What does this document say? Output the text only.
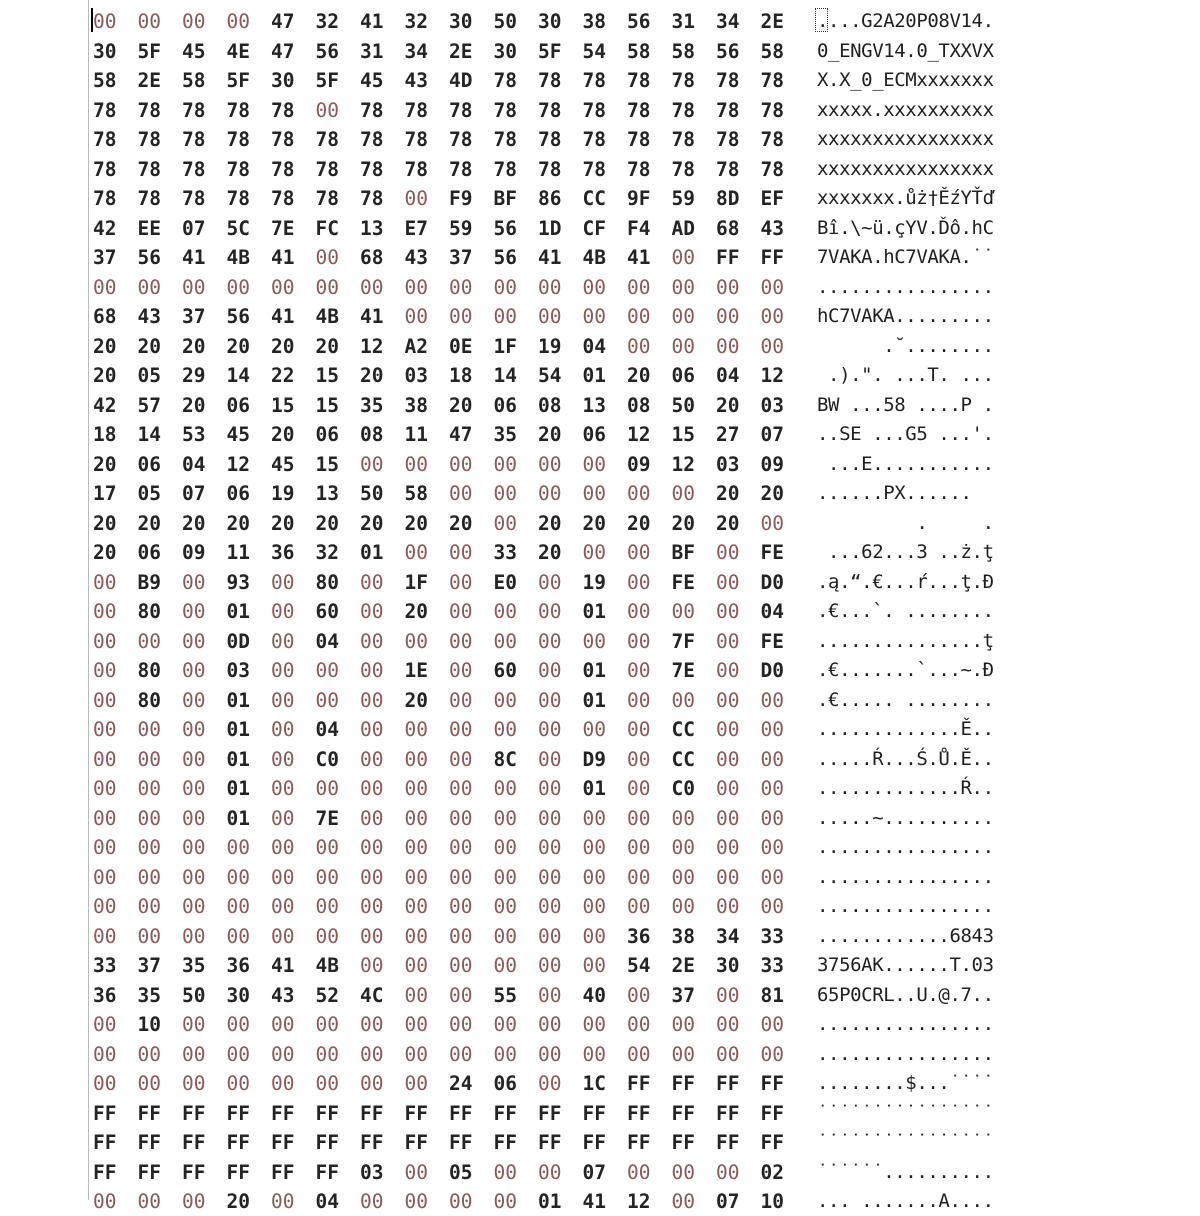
00	00	00	00	47	32	41	32	30	50	30	38	56	31	34	2E	....G2A20P08V14.
30	5F	45	4E	47	56	31	34	2E	30	5F	54	58	58	56	58	0_ENGV14.0_TXXVX
58	2E	58	5F	30	5F	45	43	4D	78	78	78	78	78	78	78	X.X_0_ECMxxxxxxx
78	78	78	78	78	00	78	78	78	78	78	78	78	78	78	78	xxxxx.xxxxxxxxxx
78	78	78	78	78	78	78	78	78	78	78	78	78	78	78	78	xxxxxxxxxxxxxxxx
78	78	78	78	78	78	78	78	78	78	78	78	78	78	78	78	xxxxxxxxxxxxxxxx
78	78	78	78	78	78	78	00	F9	BF	86	CC	9F	59	8D	EF	xxxxxxx.ůż†ĚźYŤď
42	EE	07	5C	7E	FC	13	E7	59	56	1D	CF	F4	AD	68	43	Bî.\~ü.çYV.Ďô.hC
37	56	41	4B	41	00	68	43	37	56	41	4B	41	00	FF	FF	7VAKA.hC7VAKA.˙˙
00	00	00	00	00	00	00	00	00	00	00	00	00	00	00	00	................
68	43	37	56	41	4B	41	00	00	00	00	00	00	00	00	00	hC7VAKA.........
20	20	20	20	20	20	12	A2	0E	1F	19	04	00	00	00	00	.˘........
20	05	29	14	22	15	20	03	18	14	54	01	20	06	04	12	.).". ...T. ...
42	57	20	06	15	15	35	38	20	06	08	13	08	50	20	03	BW ...58 ....P .
18	14	53	45	20	06	08	11	47	35	20	06	12	15	27	07	..SE ...G5 ...'.
20	06	04	12	45	15	00	00	00	00	00	00	09	12	03	09	...E...........
17	05	07	06	19	13	50	58	00	00	00	00	00	00	20	20	......PX......
20	20	20	20	20	20	20	20	20	00	20	20	20	20	20	00	.     .
20	06	09	11	36	32	01	00	00	33	20	00	00	BF	00	FE	...62...3 ..ż.ţ
00	B9	00	93	00	80	00	1F	00	E0	00	19	00	FE	00	D0	.ą.“.€...ŕ...ţ.Đ
00	80	00	01	00	60	00	20	00	00	00	01	00	00	00	04	.€...`. ........
00	00	00	0D	00	04	00	00	00	00	00	00	00	7F	00	FE	...............ţ
00	80	00	03	00	00	00	1E	00	60	00	01	00	7E	00	D0	.€.......`...~.Đ
00	80	00	01	00	00	00	20	00	00	00	01	00	00	00	00	.€..... ........
00	00	00	01	00	04	00	00	00	00	00	00	00	CC	00	00	.............Ě..
00	00	00	01	00	C0	00	00	00	8C	00	D9	00	CC	00	00	.....Ŕ...Ś.Ů.Ě..
00	00	00	01	00	00	00	00	00	00	00	01	00	C0	00	00	.............Ŕ..
00	00	00	01	00	7E	00	00	00	00	00	00	00	00	00	00	.....~..........
00	00	00	00	00	00	00	00	00	00	00	00	00	00	00	00	................
00	00	00	00	00	00	00	00	00	00	00	00	00	00	00	00	................
00	00	00	00	00	00	00	00	00	00	00	00	00	00	00	00	................
00	00	00	00	00	00	00	00	00	00	00	00	36	38	34	33	............6843
33	37	35	36	41	4B	00	00	00	00	00	00	54	2E	30	33	3756AK......T.03
36	35	50	30	43	52	4C	00	00	55	00	40	00	37	00	81	65P0CRL..U.@.7..
00	10	00	00	00	00	00	00	00	00	00	00	00	00	00	00	................
00	00	00	00	00	00	00	00	00	00	00	00	00	00	00	00	................
00	00	00	00	00	00	00	00	24	06	00	1C	FF	FF	FF	FF	........$...˙˙˙˙
FF	FF	FF	FF	FF	FF	FF	FF	FF	FF	FF	FF	FF	FF	FF	FF	˙˙˙˙˙˙˙˙˙˙˙˙˙˙˙˙
FF	FF	FF	FF	FF	FF	FF	FF	FF	FF	FF	FF	FF	FF	FF	FF	˙˙˙˙˙˙˙˙˙˙˙˙˙˙˙˙
FF	FF	FF	FF	FF	FF	03	00	05	00	00	07	00	00	00	02	˙˙˙˙˙˙..........
00	00	00	20	00	04	00	00	00	00	01	41	12	00	07	10	... .......A....
